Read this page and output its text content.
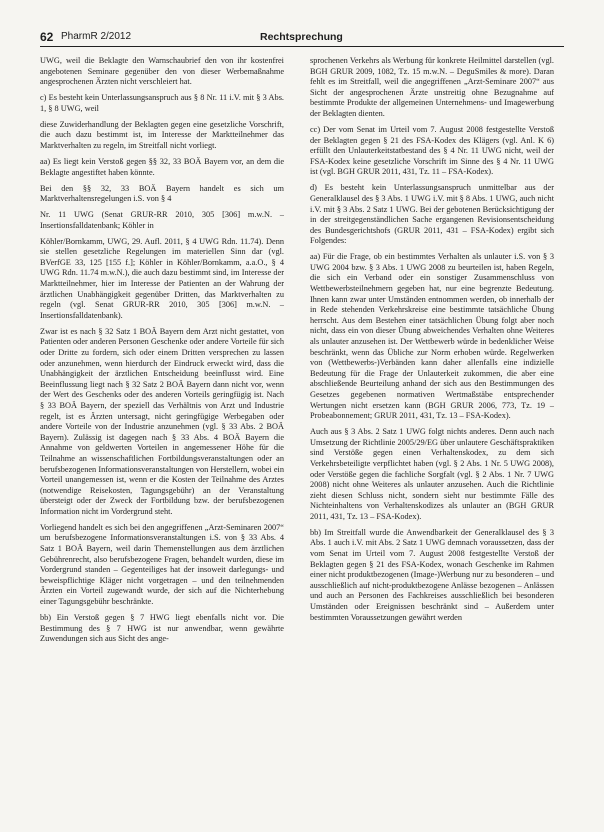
62 PharmR 2/2012	Rechtsprechung

UWG, weil die Beklagte den Warnschaubrief den von ihr kostenfrei angebotenen Seminare gegenüber den von dieser Werbemaßnahme angesprochenen Ärzten nicht verschleiert hat.

c) Es besteht kein Unterlassungsanspruch aus § 8 Nr. 11 i.V. mit § 3 Abs. 1, § 8 UWG, weil

diese Zuwiderhandlung der Beklagten gegen eine gesetzliche Vorschrift, die auch dazu bestimmt ist, im Interesse der Marktteilnehmer das Marktverhalten zu regeln, im Streitfall nicht vorliegt.

aa) Es liegt kein Verstoß gegen §§ 32, 33 BOÄ Bayern vor, an dem die Beklagte angestiftet haben könnte.

Bei den §§ 32, 33 BOÄ Bayern handelt es sich um Marktverhaltensregelungen i.S. von § 4

Nr. 11 UWG (Senat GRUR-RR 2010, 305 [306] m.w.N. – Insertionsfalldatenbank; Köhler in

Köhler/Bornkamm, UWG, 29. Aufl. 2011, § 4 UWG Rdn. 11.74). Denn sie stellen gesetzliche Regelungen im materiellen Sinn dar (vgl. BVerfGE 33, 125 [155 f.]; Köhler in Köhler/Bornkamm, a.a.O., § 4 UWG Rdn. 11.74 m.w.N.), die auch dazu bestimmt sind, im Interesse der Marktteilnehmer, hier im Interesse der Patienten an der Wahrung der ärztlichen Unabhängigkeit gegenüber Dritten, das Marktverhalten zu regeln (vgl. Senat GRUR-RR 2010, 305 [306] m.w.N. – Insertionsfalldatenbank).

Zwar ist es nach § 32 Satz 1 BOÄ Bayern dem Arzt nicht gestattet, von Patienten oder anderen Personen Geschenke oder andere Vorteile für sich oder Dritte zu fordern, sich oder einem Dritten versprechen zu lassen oder anzunehmen, wenn hierdurch der Eindruck erweckt wird, dass die Unabhängigkeit der ärztlichen Entscheidung beeinflusst wird. Eine Beeinflussung liegt nach § 32 Satz 2 BOÄ Bayern dann nicht vor, wenn der Wert des Geschenks oder des anderen Vorteils geringfügig ist. Nach § 33 BOÄ Bayern, der speziell das Verhältnis von Arzt und Industrie regelt, ist es Ärzten untersagt, nicht geringfügige Werbegaben oder andere Vorteile von der Industrie anzunehmen (vgl. § 33 Abs. 2 BOÄ Bayern). Zulässig ist dagegen nach § 33 Abs. 4 BOÄ Bayern die Annahme von geldwerten Vorteilen in angemessener Höhe für die Teilnahme an wissenschaftlichen Fortbildungsveranstaltungen oder an berufsbezogenen Informationsveranstaltungen von Herstellern, wobei ein Vorteil unangemessen ist, wenn er die Kosten der Teilnahme des Arztes (notwendige Reisekosten, Tagungsgebühr) an der Veranstaltung übersteigt oder der Zweck der Fortbildung bzw. der berufsbezogenen Information nicht im Vordergrund steht.

Vorliegend handelt es sich bei den angegriffenen „Arzt-Seminaren 2007“ um berufsbezogene Informationsveranstaltungen i.S. von § 33 Abs. 4 Satz 1 BOÄ Bayern, weil darin Themenstellungen aus dem ärztlichen Gebührenrecht, also berufsbezogene Fragen, behandelt wurden, diese im Vordergrund standen – Gegenteiliges hat der insoweit darlegungs- und beweispflichtige Kläger nicht vorgetragen – und den teilnehmenden Ärzten ein Vorteil zugewandt wurde, der sich auf die Nichterhebung einer Tagungsgebühr beschränkte.

bb) Ein Verstoß gegen § 7 HWG liegt ebenfalls nicht vor. Die Bestimmung des § 7 HWG ist nur anwendbar, wenn gewährte Zuwendungen sich aus Sicht des ange-

sprochenen Verkehrs als Werbung für konkrete Heilmittel darstellen (vgl. BGH GRUR 2009, 1082, Tz. 15 m.w.N. – DeguSmiles & more). Daran fehlt es im Streitfall, weil die angegriffenen „Arzt-Seminare 2007“ aus Sicht der angesprochenen Ärzte unstreitig ohne Bezugnahme auf bestimmte Produkte der allgemeinen Unternehmens- und Imagewerbung der Beklagten dienten.

cc) Der vom Senat im Urteil vom 7. August 2008 festgestellte Verstoß der Beklagten gegen § 21 des FSA-Kodex des Klägers (vgl. Anl. K 6) erfüllt den Unlauterkeitstatbestand des § 4 Nr. 11 UWG nicht, weil der FSA-Kodex keine gesetzliche Vorschrift im Sinne des § 4 Nr. 11 UWG ist (vgl. BGH GRUR 2011, 431, Tz. 11 – FSA-Kodex).

d) Es besteht kein Unterlassungsanspruch unmittelbar aus der Generalklausel des § 3 Abs. 1 UWG i.V. mit § 8 Abs. 1 UWG, auch nicht i.V. mit § 3 Abs. 2 Satz 1 UWG. Bei der gebotenen Berücksichtigung der in der streitgegenständlichen Sache ergangenen Revisionsentscheidung des Bundesgerichtshofs (GRUR 2011, 431 – FSA-Kodex) ergibt sich Folgendes:

aa) Für die Frage, ob ein bestimmtes Verhalten als unlauter i.S. von § 3 UWG 2004 bzw. § 3 Abs. 1 UWG 2008 zu beurteilen ist, haben Regeln, die sich ein Verband oder ein sonstiger Zusammenschluss von Wettbewerbsteilnehmern gegeben hat, nur eine begrenzte Bedeutung. Ihnen kann zwar unter Umständen entnommen werden, ob innerhalb der in Rede stehenden Verkehrskreise eine bestimmte tatsächliche Übung herrscht. Aus dem Bestehen einer tatsächlichen Übung folgt aber noch nicht, dass ein von dieser Übung abweichendes Verhalten ohne Weiteres als unlauter anzusehen ist. Der Wettbewerb würde in bedenklicher Weise beschränkt, wenn das Übliche zur Norm erhoben würde. Regelwerken von (Wettbewerbs-)Verbänden kann daher allenfalls eine indizielle Bedeutung für die Frage der Unlauterkeit zukommen, die aber eine abschließende Beurteilung anhand der sich aus den Bestimmungen des Gesetzes gegebenen normativen Wertmaßstäbe entsprechender Wertungen nicht ersetzen kann (BGH GRUR 2006, 773, Tz. 19 – Probeabonnement; GRUR 2011, 431, Tz. 13 – FSA-Kodex).

Auch aus § 3 Abs. 2 Satz 1 UWG folgt nichts anderes. Denn auch nach Umsetzung der Richtlinie 2005/29/EG über unlautere Geschäftspraktiken sind Verstöße gegen einen Verhaltenskodex, zu dem sich Verkehrsbeteiligte verpflichtet haben (vgl. § 2 Abs. 1 Nr. 5 UWG 2008), oder Verstöße gegen die fachliche Sorgfalt (vgl. § 2 Abs. 1 Nr. 7 UWG 2008) nicht ohne Weiteres als unlauter anzusehen. Auch die Richtlinie zieht diesen Schluss nicht, sondern sieht nur bestimmte Fälle des Nichteinhaltens von Verhaltenskodizes als unlauter an (BGH GRUR 2011, 431, Tz. 13 – FSA-Kodex).

bb) Im Streitfall wurde die Anwendbarkeit der Generalklausel des § 3 Abs. 1 auch i.V. mit Abs. 2 Satz 1 UWG demnach voraussetzen, dass der vom Senat im Urteil vom 7. August 2008 festgestellte Verstoß der Beklagten gegen § 21 des FSA-Kodex, wonach Geschenke im Rahmen einer nicht produktbezogenen (Image-)Werbung nur zu besonderen – und ausschließlich auf nicht-produktbezogene Anlässe bezogenen – Anlässen und auch an Personen des Fachkreises ausschließlich bei besonderen Umständen oder Ereignissen beschränkt sind – Außerdem unter bestimmten Voraussetzungen gewährt werden
